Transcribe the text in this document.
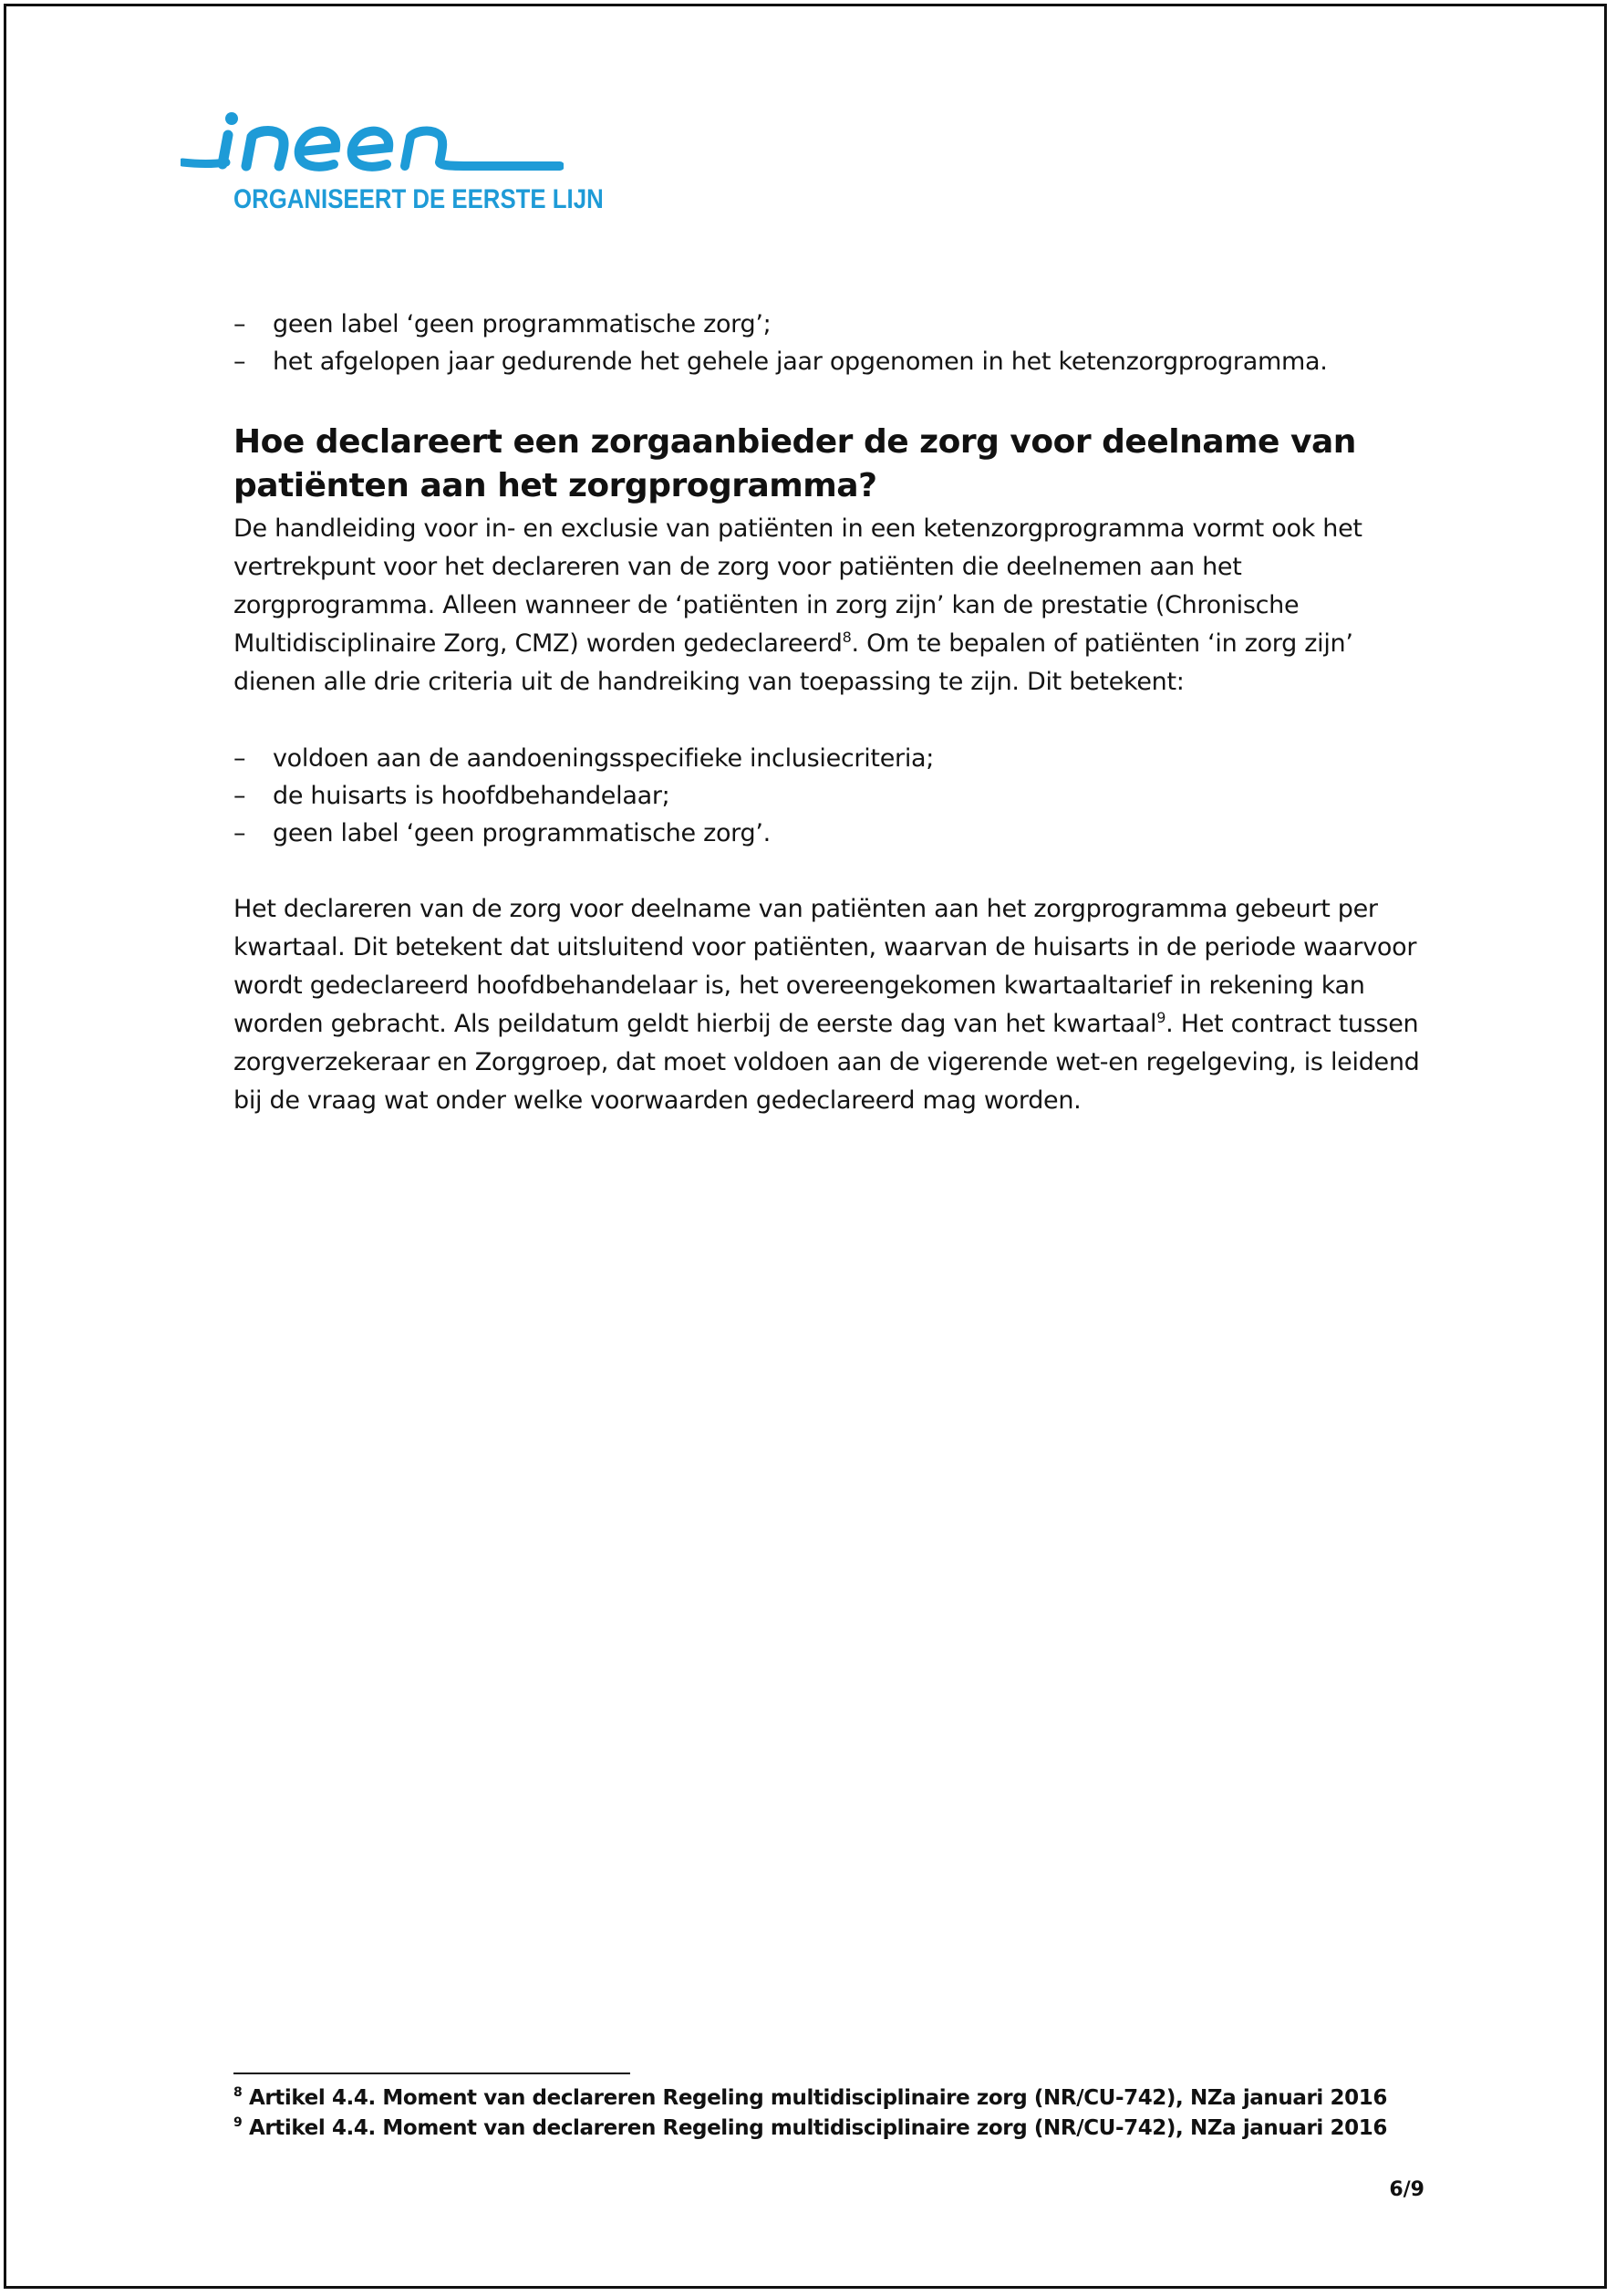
ORGANISEERT DE EERSTE LIJN
– geen label ‘geen programmatische zorg’;
– het afgelopen jaar gedurende het gehele jaar opgenomen in het ketenzorgprogramma.
Hoe declareert een zorgaanbieder de zorg voor deelname van patiënten aan het zorgprogramma?

De handleiding voor in- en exclusie van patiënten in een ketenzorgprogramma vormt ook het vertrekpunt voor het declareren van de zorg voor patiënten die deelnemen aan het zorgprogramma. Alleen wanneer de ‘patiënten in zorg zijn’ kan de prestatie (Chronische Multidisciplinaire Zorg, CMZ) worden gedeclareerd$^8$. Om te bepalen of patiënten ‘in zorg zijn’ dienen alle drie criteria uit de handreiking van toepassing te zijn. Dit betekent:

– voldoen aan de aandoeningsspecifieke inclusiecriteria;
– de huisarts is hoofdbehandelaar;
– geen label ‘geen programmatische zorg’.

Het declareren van de zorg voor deelname van patiënten aan het zorgprogramma gebeurt per kwartaal. Dit betekent dat uitsluitend voor patiënten, waarvan de huisarts in de periode waarvoor wordt gedeclareerd hoofdbehandelaar is, het overeengekomen kwartaaltarief in rekening kan worden gebracht. Als peildatum geldt hierbij de eerste dag van het kwartaal$^9$. Het contract tussen zorgverzekeraar en Zorggroep, dat moet voldoen aan de vigerende wet-en regelgeving, is leidend bij de vraag wat onder welke voorwaarden gedeclareerd mag worden.

$^8$ Artikel 4.4. Moment van declareren Regeling multidisciplinaire zorg (NR/CU-742), NZa januari 2016

$^9$ Artikel 4.4. Moment van declareren Regeling multidisciplinaire zorg (NR/CU-742), NZa januari 2016

6/9
